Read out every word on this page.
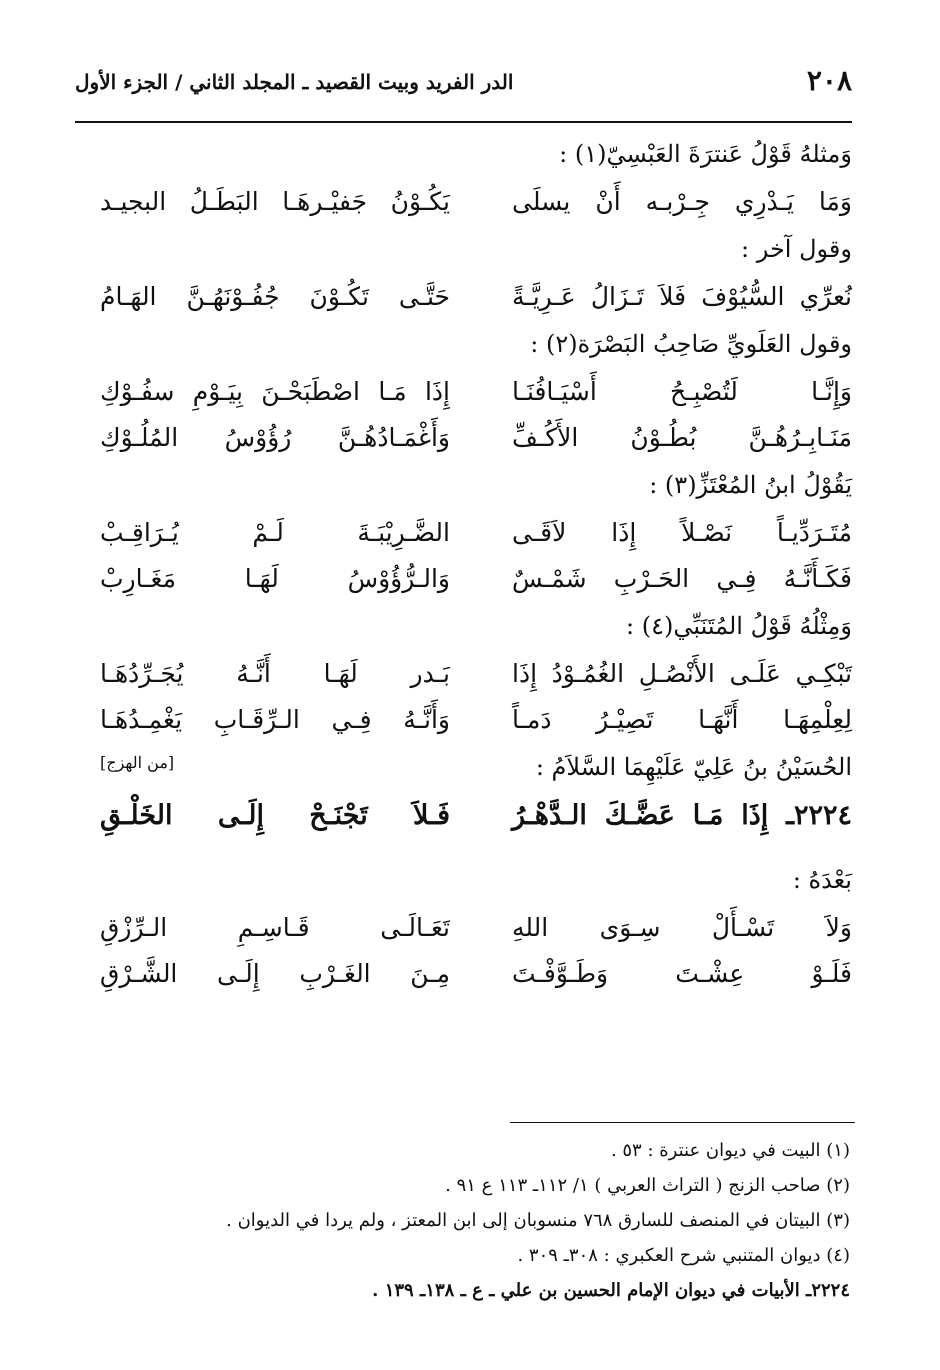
٢٠٨
الدر الفريد وبيت القصيد ـ المجلد الثاني / الجزء الأول
وَمثلهُ قَوْلُ عَنترَةَ العَبْسِيّ(١) :
وَمَا يَـدْرِي جِـرْبـه أَنْ يسلَى
يَكُـوْنُ جَفيْـرهَـا البَطَـلُ البجيـد
وقول آخر :
نُعرِّي السُّيُوْفَ فَلاَ تَـزَالُ عَـرِيَّـةً
حَتَّـى تَكُـوْنَ جُفُـوْنَهُـنَّ الهَـامُ
وقول العَلَويِّ صَاحِبُ البَصْرَة(٢) :
وَإِنَّـا لَتُصْبِـحُ أَسْيَـافُنَـا
إِذَا مَـا اصْطَبَحْـنَ بِيَـوْمِ سفُـوْكِ
مَنَـابِـرُهُـنَّ بُطُـوْنُ الأَكُـفِّ
وَأَغْمَـادُهُـنَّ رُؤُوْسُ المُلُـوْكِ
يَقُوْلُ ابنُ المُعْتَزِّ(٣) :
مُتَـرَدِّيـاً نَصْـلاً إِذَا لاَقَـى
الضَّـرِيْبَـةَ لَـمْ يُـرَاقِـبْ
فَكَـأَنَّـهُ فِـي الحَـرْبِ شَمْـسٌ
وَالـرُّؤُوْسُ لَهَـا مَغَـارِبْ
وَمِثْلُهُ قَوْلُ المُتَنَبِّي(٤) :
تَبْكِـي عَلَـى الأَنْصُـلِ الغُمُـوْدُ إِذَا
بَـدر لَهَـا أَنَّـهُ يُجَـرِّدُهَـا
لِعِلْمِهَـا أَنَّهَـا تَصِيْـرُ دَمـاً
وَأَنَّـهُ فِـي الـرِّقَـابِ يَغْمِـدُهَـا
الحُسَيْنُ بنُ عَلِيّ عَلَيْهِمَا السَّلاَمُ :
[من الهزج]
٢٢٢٤ـ إِذَا مَـا عَضَّـكَ الـدَّهْـرُ
فَـلاَ تَجْنَـحْ إِلَـى الخَلْـقِ
بَعْدَهُ :
وَلاَ تَسْـأَلْ سِـوَى اللهِ
تَعَـالَـى قَـاسِـمِ الـرِّزْقِ
فَلَـوْ عِشْـتَ وَطَـوَّفْـتَ
مِـنَ الغَـرْبِ إِلَـى الشَّـرْقِ
(١) البيت في ديوان عنترة : ٥٣ .
(٢) صاحب الزنج ( التراث العربي ) ١/ ١١٢ـ ١١٣ ع ٩١ .
(٣) البيتان في المنصف للسارق ٧٦٨ منسوبان إلى ابن المعتز ، ولم يردا في الديوان .
(٤) ديوان المتنبي شرح العكبري : ٣٠٨ـ ٣٠٩ .
٢٢٢٤ـ الأبيات في ديوان الإمام الحسين بن علي ـ ع ـ ١٣٨ـ ١٣٩ .
